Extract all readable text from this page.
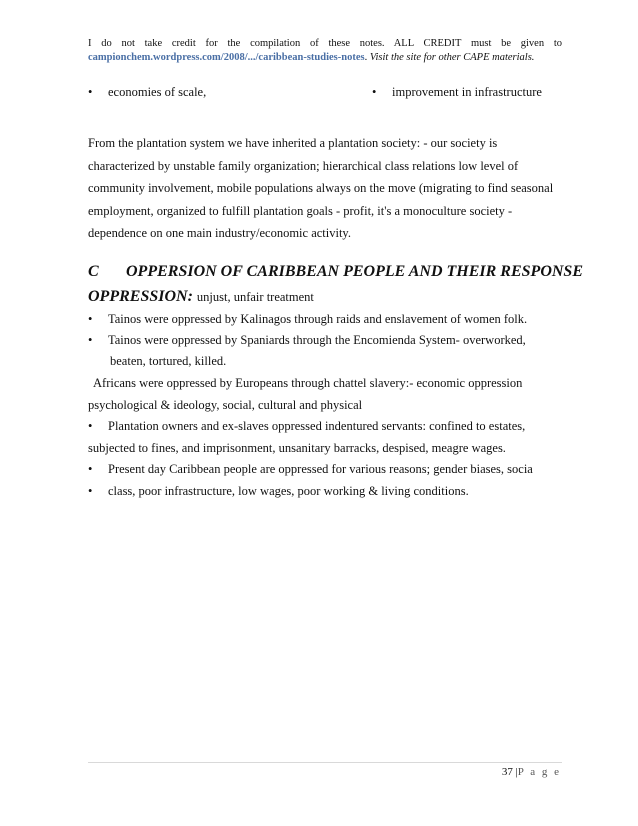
I do not take credit for the compilation of these notes. ALL CREDIT must be given to
campionchem.wordpress.com/2008/.../caribbean-studies-notes. Visit the site for other CAPE materials.
• economies of scale,	• improvement in infrastructure
From the plantation system we have inherited a plantation society: - our society is
characterized by unstable family organization; hierarchical class relations low level of
community involvement, mobile populations always on the move (migrating to find seasonal
employment, organized to fulfill plantation goals - profit, it's a monoculture society -
dependence on one main industry/economic activity.
C OPPERSION OF CARIBBEAN PEOPLE AND THEIR RESPONSE
OPPRESSION: unjust, unfair treatment
• Tainos were oppressed by Kalinagos through raids and enslavement of women folk.
• Tainos were oppressed by Spaniards through the Encomienda System- overworked,
beaten, tortured, killed.
Africans were oppressed by Europeans through chattel slavery:- economic oppression
psychological & ideology, social, cultural and physical
• Plantation owners and ex-slaves oppressed indentured servants: confined to estates,
subjected to fines, and imprisonment, unsanitary barracks, despised, meagre wages.
• Present day Caribbean people are oppressed for various reasons; gender biases, socia
• class, poor infrastructure, low wages, poor working & living conditions.
37 |P a g e
